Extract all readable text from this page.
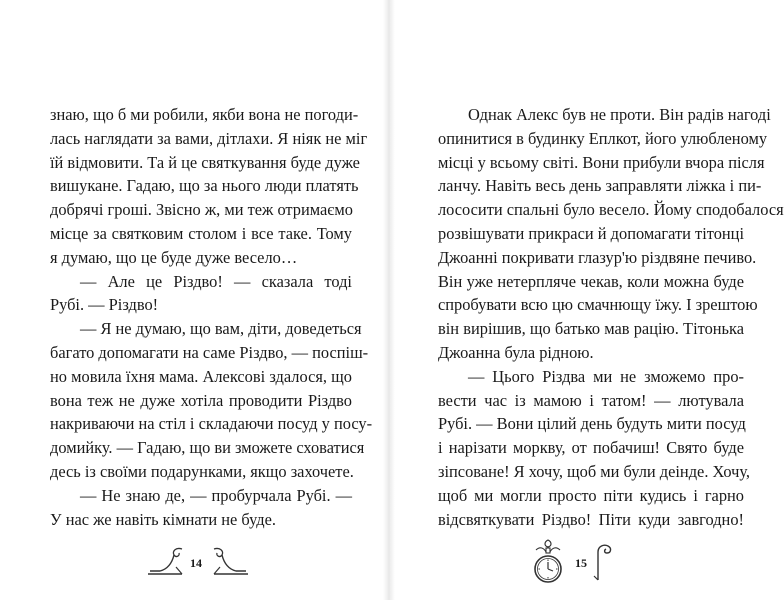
знаю, що б ми робили, якби вона не погоди-
лась наглядати за вами, дітлахи. Я ніяк не міг
їй відмовити. Та й це святкування буде дуже
вишукане. Гадаю, що за нього люди платять
добрячі гроші. Звісно ж, ми теж отримаємо
місце за святковим столом і все таке. Тому
я думаю, що це буде дуже весело…
— Але це Різдво! — сказала тоді
Рубі. — Різдво!
— Я не думаю, що вам, діти, доведеться
багато допомагати на саме Різдво, — поспіш-
но мовила їхня мама. Алексові здалося, що
вона теж не дуже хотіла проводити Різдво
накриваючи на стіл і складаючи посуд у посу-
домийку. — Гадаю, що ви зможете сховатися
десь із своїми подарунками, якщо захочете.
— Не знаю де, — пробурчала Рубі. —
У нас же навіть кімнати не буде.
14
Однак Алекс був не проти. Він радів нагоді
опинитися в будинку Еплкот, його улюбленому
місці у всьому світі. Вони прибули вчора після
ланчу. Навіть весь день заправляти ліжка і пи-
лососити спальні було весело. Йому сподобалося
розвішувати прикраси й допомагати тітонці
Джоанні покривати глазур'ю різдвяне печиво.
Він уже нетерпляче чекав, коли можна буде
спробувати всю цю смачнющу їжу. І зрештою
він вирішив, що батько мав рацію. Тітонька
Джоанна була рідною.
— Цього Різдва ми не зможемо про-
вести час із мамою і татом! — лютувала
Рубі. — Вони цілий день будуть мити посуд
і нарізати моркву, от побачиш! Свято буде
зіпсоване! Я хочу, щоб ми були деінде. Хочу,
щоб ми могли просто піти кудись і гарно
відсвяткувати Різдво! Піти куди завгодно!
15
